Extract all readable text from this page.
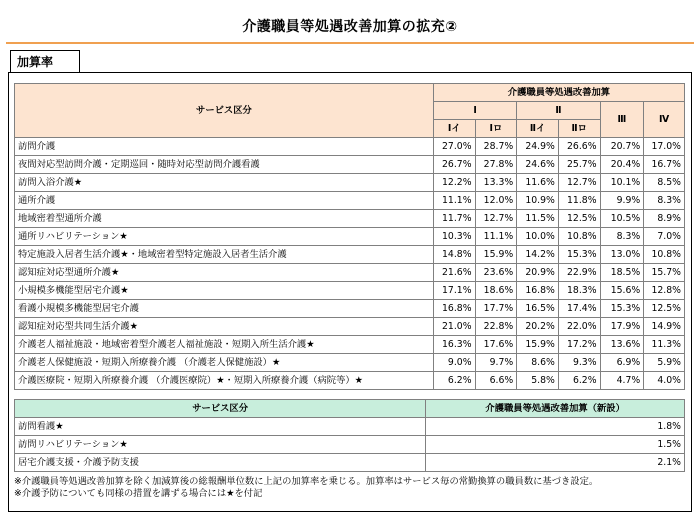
介護職員等処遇改善加算の拡充②
加算率
サービス区分	介護職員等処遇改善加算					
	Ⅰ		Ⅱ		Ⅲ	Ⅳ
	Ⅰイ	Ⅰロ	Ⅱイ	Ⅱロ		
訪問介護	27.0%	28.7%	24.9%	26.6%	20.7%	17.0%
夜間対応型訪問介護・定期巡回・随時対応型訪問介護看護	26.7%	27.8%	24.6%	25.7%	20.4%	16.7%
訪問入浴介護★	12.2%	13.3%	11.6%	12.7%	10.1%	8.5%
通所介護	11.1%	12.0%	10.9%	11.8%	9.9%	8.3%
地域密着型通所介護	11.7%	12.7%	11.5%	12.5%	10.5%	8.9%
通所リハビリテーション★	10.3%	11.1%	10.0%	10.8%	8.3%	7.0%
特定施設入居者生活介護★・地域密着型特定施設入居者生活介護	14.8%	15.9%	14.2%	15.3%	13.0%	10.8%
認知症対応型通所介護★	21.6%	23.6%	20.9%	22.9%	18.5%	15.7%
小規模多機能型居宅介護★	17.1%	18.6%	16.8%	18.3%	15.6%	12.8%
看護小規模多機能型居宅介護	16.8%	17.7%	16.5%	17.4%	15.3%	12.5%
認知症対応型共同生活介護★	21.0%	22.8%	20.2%	22.0%	17.9%	14.9%
介護老人福祉施設・地域密着型介護老人福祉施設・短期入所生活介護★	16.3%	17.6%	15.9%	17.2%	13.6%	11.3%
介護老人保健施設・短期入所療養介護 （介護老人保健施設）★	9.0%	9.7%	8.6%	9.3%	6.9%	5.9%
介護医療院・短期入所療養介護 （介護医療院）★・短期入所療養介護（病院等）★	6.2%	6.6%	5.8%	6.2%	4.7%	4.0%
サービス区分	介護職員等処遇改善加算（新設）
訪問看護★	1.8%
訪問リハビリテーション★	1.5%
居宅介護支援・介護予防支援	2.1%
※介護職員等処遇改善加算を除く加減算後の総報酬単位数に上記の加算率を乗じる。加算率はサービス毎の常勤換算の職員数に基づき設定。
※介護予防についても同様の措置を講ずる場合には★を付記
